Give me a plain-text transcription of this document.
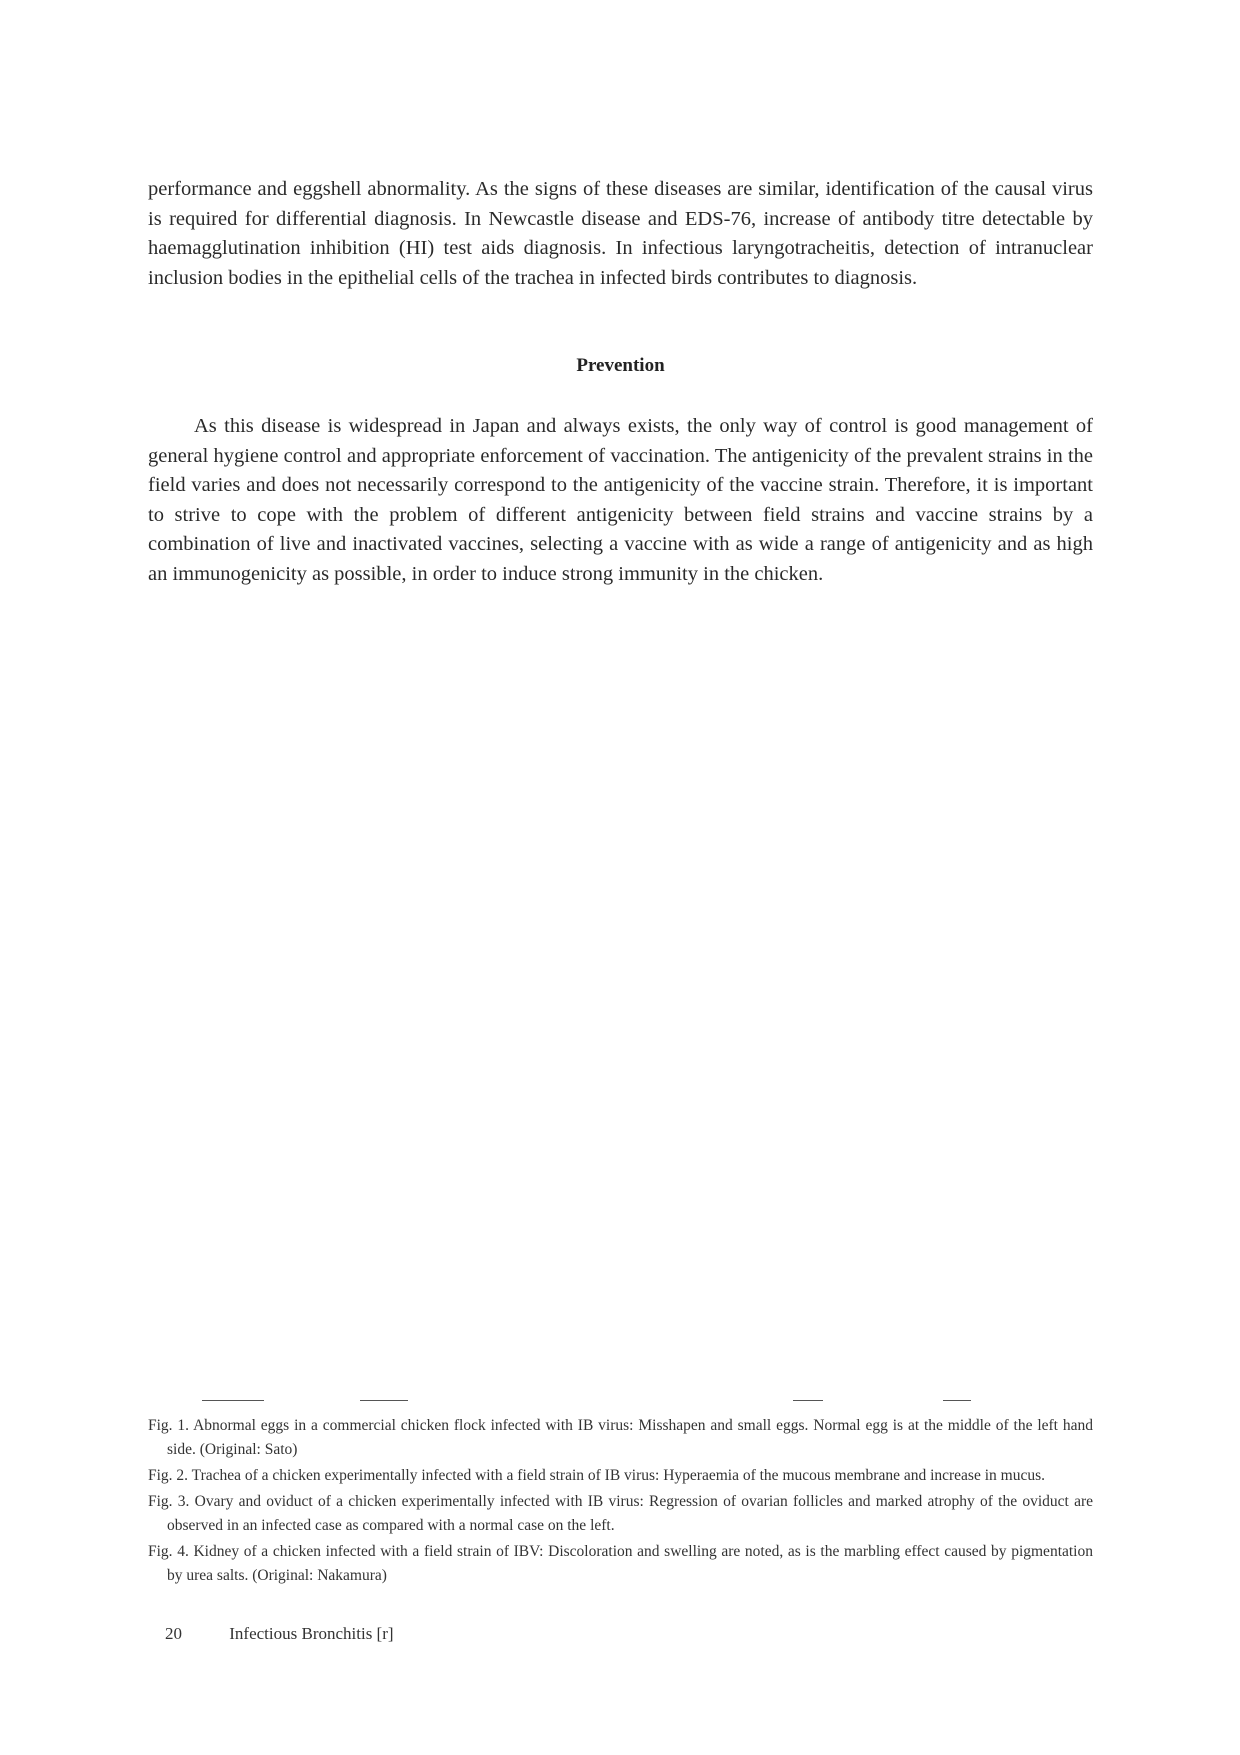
performance and eggshell abnormality. As the signs of these diseases are similar, identification of the causal virus is required for differential diagnosis. In Newcastle disease and EDS-76, increase of antibody titre detectable by haemagglutination inhibition (HI) test aids diagnosis. In infectious laryngotracheitis, detection of intranuclear inclusion bodies in the epithelial cells of the trachea in infected birds contributes to diagnosis.

Prevention

As this disease is widespread in Japan and always exists, the only way of control is good management of general hygiene control and appropriate enforcement of vaccination. The antigenicity of the prevalent strains in the field varies and does not necessarily correspond to the antigenicity of the vaccine strain. Therefore, it is important to strive to cope with the problem of different antigenicity between field strains and vaccine strains by a combination of live and inactivated vaccines, selecting a vaccine with as wide a range of antigenicity and as high an immunogenicity as possible, in order to induce strong immunity in the chicken.

Fig. 1. Abnormal eggs in a commercial chicken flock infected with IB virus: Misshapen and small eggs. Normal egg is at the middle of the left hand side. (Original: Sato)

Fig. 2. Trachea of a chicken experimentally infected with a field strain of IB virus: Hyperaemia of the mucous membrane and increase in mucus.

Fig. 3. Ovary and oviduct of a chicken experimentally infected with IB virus: Regression of ovarian follicles and marked atrophy of the oviduct are observed in an infected case as compared with a normal case on the left.

Fig. 4. Kidney of a chicken infected with a field strain of IBV: Discoloration and swelling are noted, as is the marbling effect caused by pigmentation by urea salts. (Original: Nakamura)

20	Infectious Bronchitis [r]
